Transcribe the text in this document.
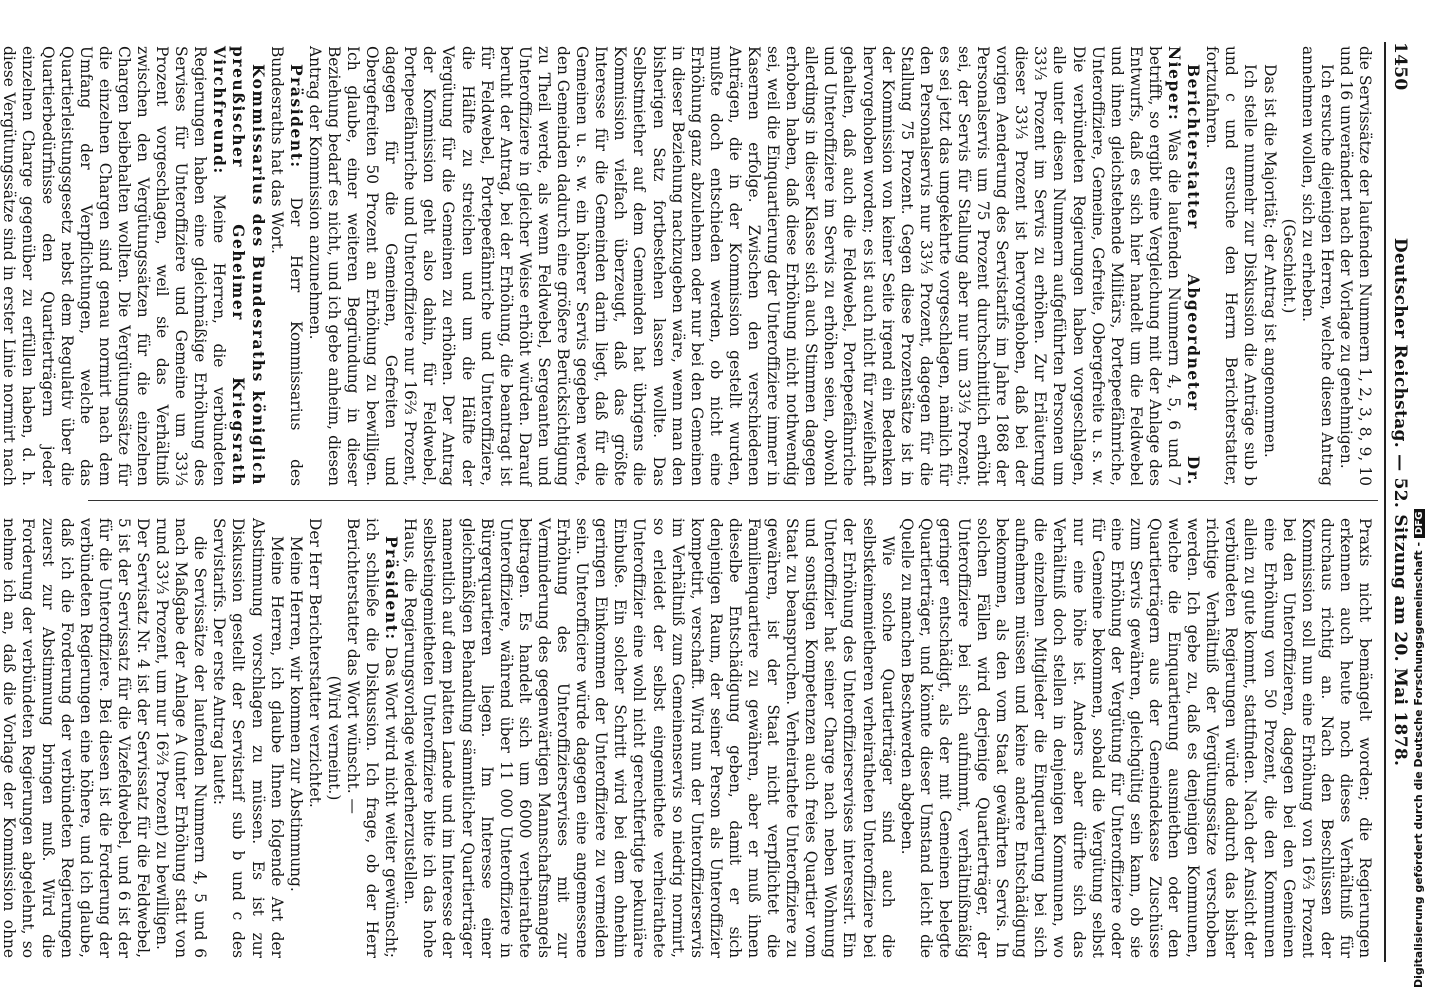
1450
Deutscher Reichstag. — 52. Sitzung am 20. Mai 1878.

die Servissätze der laufenden Nummern 1, 2, 3, 8, 9, 10 und 16 unverändert nach der Vorlage zu genehmigen.

Ich ersuche diejenigen Herren, welche diesen Antrag annehmen wollen, sich zu erheben.

(Geschieht.)

Das ist die Majorität; der Antrag ist angenommen.

Ich stelle nunmehr zur Diskussion die Anträge sub b und c und ersuche den Herrn Berichterstatter, fortzufahren.

Berichterstatter Abgeordneter Dr. Nieper: Was die laufenden Nummern 4, 5, 6 und 7 betrifft, so ergibt eine Vergleichung mit der Anlage des Entwurfs, daß es sich hier handelt um die Feldwebel und ihnen gleichstehende Militärs, Portepeefähnriche, Unteroffiziere, Gemeine, Gefreite, Obergefreite u. s. w. Die verbündeten Regierungen haben vorgeschlagen, alle unter diesen Nummern aufgeführten Personen um 33⅓ Prozent im Servis zu erhöhen. Zur Erläuterung dieser 33⅓ Prozent ist hervorgehoben, daß bei der vorigen Aenderung des Servistarifs im Jahre 1868 der Personalservis um 75 Prozent durchschnittlich erhöht sei, der Servis für Stallung aber nur um 33⅓ Prozent; es sei jetzt das umgekehrte vorgeschlagen, nämlich für den Personalservis nur 33⅓ Prozent, dagegen für die Stallung 75 Prozent. Gegen diese Prozentsätze ist in der Kommission von keiner Seite irgend ein Bedenken hervorgehoben worden; es ist auch nicht für zweifelhaft gehalten, daß auch die Feldwebel, Portepeefähnriche und Unteroffiziere im Servis zu erhöhen seien, obwohl allerdings in dieser Klasse sich auch Stimmen dagegen erhoben haben, daß diese Erhöhung nicht nothwendig sei, weil die Einquartierung der Unteroffiziere immer in Kasernen erfolge. Zwischen den verschiedenen Anträgen, die in der Kommission gestellt wurden, mußte doch entschieden werden, ob nicht eine Erhöhung ganz abzulehnen oder nur bei den Gemeinen in dieser Beziehung nachzugeben wäre, wenn man den bisherigen Satz fortbestehen lassen wollte. Das Selbstmiether auf dem Gemeinden hat übrigens die Kommission vielfach überzeugt, daß das größte Interesse für die Gemeinden darin liegt, daß für die Gemeinen u. s. w. ein höherer Servis gegeben werde, den Gemeinden dadurch eine größere Berücksichtigung zu Theil werde, als wenn Feldwebel, Sergeanten und Unteroffiziere in gleicher Weise erhöht würden. Darauf beruht der Antrag, bei der Erhöhung, die beantragt ist für Feldwebel, Portepeefähnriche und Unteroffiziere, die Hälfte zu streichen und um die Hälfte der Vergütung für die Gemeinen zu erhöhen. Der Antrag der Kommission geht also dahin, für Feldwebel, Portepeefähnriche und Unteroffiziere nur 16⅔ Prozent, dagegen für die Gemeinen, Gefreiten und Obergefreiten 50 Prozent an Erhöhung zu bewilligen. Ich glaube, einer weiteren Begründung in dieser Beziehung bedarf es nicht, und ich gebe anheim, diesen Antrag der Kommission anzunehmen.

Präsident: Der Herr Kommissarius des Bundesraths hat das Wort.

Kommissarius des Bundesraths königlich preußischer Geheimer Kriegsrath Virchfreund: Meine Herren, die verbündeten Regierungen haben eine gleichmäßige Erhöhung des Servises für Unteroffiziere und Gemeine um 33⅓ Prozent vorgeschlagen, weil sie das Verhältniß zwischen den Vergütungssätzen für die einzelnen Chargen beibehalten wollten. Die Vergütungssätze für die einzelnen Chargen sind genau normirt nach dem Umfang der Verpflichtungen, welche das Quartierleistungsgesetz nebst dem Regulativ über die Quartierbedürfnisse den Quartierträgern jeder einzelnen Charge gegenüber zu erfüllen haben, d. h. diese Vergütungssätze sind in erster Linie normirt nach

Praxis nicht bemängelt worden; die Regierungen erkennen auch heute noch dieses Verhältniß für durchaus richtig an. Nach den Beschlüssen der Kommission soll nun eine Erhöhung von 16⅔ Prozent bei den Unteroffizieren, dagegen bei den Gemeinen eine Erhöhung von 50 Prozent, die den Kommunen allein zu gute kommt, stattfinden. Nach der Ansicht der verbündeten Regierungen würde dadurch das bisher richtige Verhältniß der Vergütungssätze verschoben werden. Ich gebe zu, daß es denjenigen Kommunen, welche die Einquartierung ausmiethen oder den Quartierträgern aus der Gemeindekasse Zuschüsse zum Servis gewähren, gleichgültig sein kann, ob sie eine Erhöhung der Vergütung für Unteroffiziere oder für Gemeine bekommen, sobald die Vergütung selbst nur eine höhe ist. Anders aber dürfte sich das Verhältniß doch stellen in denjenigen Kommunen, wo die einzelnen Mitglieder die Einquartierung bei sich aufnehmen müssen und keine andere Entschädigung bekommen, als den vom Staat gewährten Servis. In solchen Fällen wird derjenige Quartierträger, der Unteroffiziere bei sich aufnimmt, verhältnißmäßig geringer entschädigt, als der mit Gemeinen belegte Quartierträger, und könnte dieser Umstand leicht die Quelle zu manchen Beschwerden abgeben.

Wie solche Quartierträger sind auch die selbstkeimemietheren verheiratheten Unteroffiziere bei der Erhöhung des Unteroffizierservises interessirt. Ein Unteroffizier hat seiner Charge nach neben Wohnung und sonstigen Kompetenzen auch freies Quartier vom Staat zu beanspruchen. Verheirathete Unteroffiziere zu gewähren, ist der Staat nicht verpflichtet die Familienquartiere zu gewähren, aber er muß ihnen dieselbe Entschädigung geben, damit er sich denjenigen Raum, der seiner Person als Unteroffizier kompetirt, verschafft. Wird nun der Unteroffizierservis im Verhältniß zum Gemeinenservis so niedrig normirt, so erleidet der selbst eingemiethete verheirathete Unteroffizier eine wohl nicht gerechtfertigte pekuniäre Einbuße. Ein solcher Schritt wird bei dem ohnehin geringen Einkommen der Unteroffiziere zu vermeiden sein. Unterofficiere würde dagegen eine angemessene Erhöhung des Unteroffizierservises mit zur Verminderung des gegenwärtigen Mannschaftsmangels beitragen. Es handelt sich um 6000 verheirathete Unteroffiziere, während über 11 000 Unteroffiziere in Bürgerquartieren liegen. Im Interesse einer gleichmäßigen Behandlung sämmtlicher Quartierträger namentlich auf dem platten Lande und im Interesse der selbsteingemietheten Unteroffiziere bitte ich das hohe Haus, die Regierungsvorlage wiederherzustellen.

Präsident: Das Wort wird nicht weiter gewünscht; ich schließe die Diskussion. Ich frage, ob der Herr Berichterstatter das Wort wünscht. —

(Wird verneint.)

Der Herr Berichterstatter verzichtet.

Meine Herren, wir kommen zur Abstimmung.

Meine Herren, ich glaube Ihnen folgende Art der Abstimmung vorschlagen zu müssen. Es ist zur Diskussion gestellt der Servistarif sub b und c des Servistarifs. Der erste Antrag lautet:

die Servissätze der laufenden Nummern 4, 5 und 6 nach Maßgabe der Anlage A (unter Erhöhung statt von rund 33⅓ Prozent, um nur 16⅔ Prozent) zu bewilligen.

Der Servisatz Nr. 4 ist der Servissatz für die Feldwebel, 5 ist der Servissatz für die Vizefeldwebel, und 6 ist der für die Unteroffiziere. Bei diesen ist die Forderung der verbündeten Regierungen eine höhere, und ich glaube, daß ich die Forderung der verbündeten Regierungen zuerst zur Abstimmung bringen muß. Wird die Forderung der verbündeten Regierungen abgelehnt, so nehme ich an, daß die Vorlage der Kommission ohne	Digitalisierung gefördert durch die Deutsche Forschungsgemeinschaft -DFG
